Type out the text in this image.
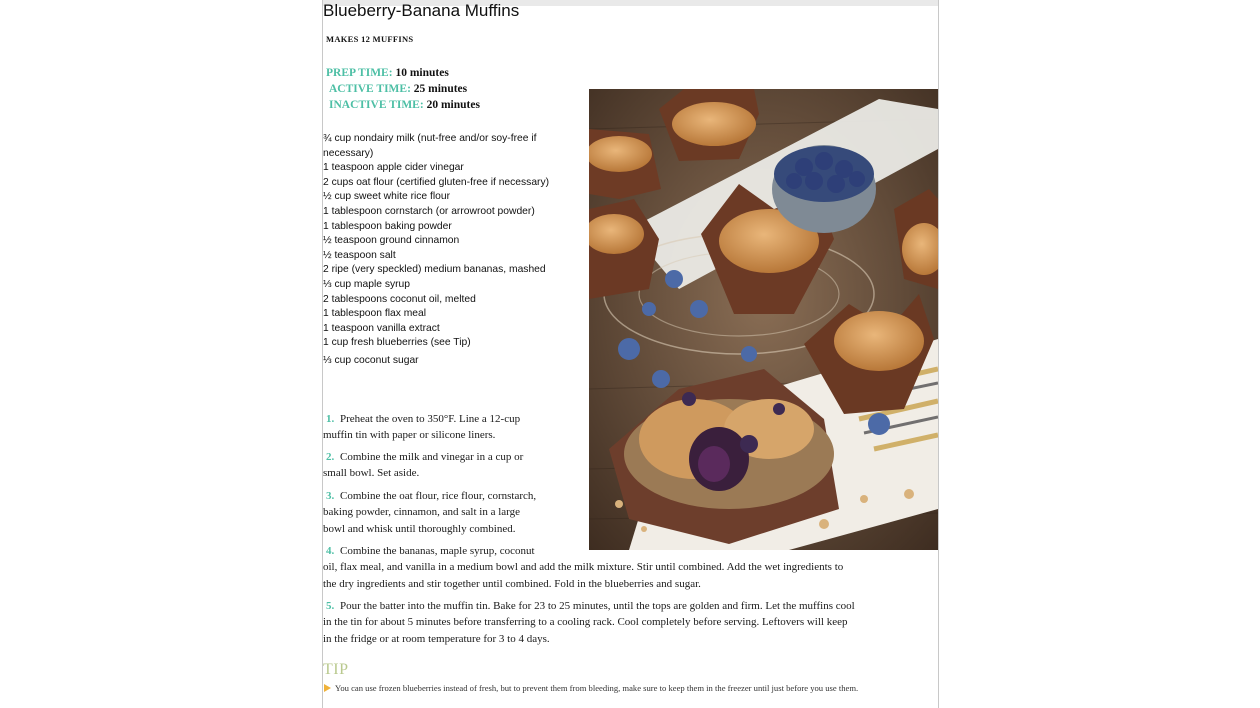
Blueberry-Banana Muffins
MAKES 12 MUFFINS
PREP TIME: 10 minutes
ACTIVE TIME: 25 minutes
INACTIVE TIME: 20 minutes
¾ cup nondairy milk (nut-free and/or soy-free if
necessary)
1 teaspoon apple cider vinegar
2 cups oat flour (certified gluten-free if necessary)
½ cup sweet white rice flour
1 tablespoon cornstarch (or arrowroot powder)
1 tablespoon baking powder
½ teaspoon ground cinnamon
½ teaspoon salt
2 ripe (very speckled) medium bananas, mashed
⅓ cup maple syrup
2 tablespoons coconut oil, melted
1 tablespoon flax meal
1 teaspoon vanilla extract
1 cup fresh blueberries (see Tip)
⅓ cup coconut sugar
1. Preheat the oven to 350°F. Line a 12-cup
muffin tin with paper or silicone liners.
2. Combine the milk and vinegar in a cup or
small bowl. Set aside.
3. Combine the oat flour, rice flour, cornstarch,
baking powder, cinnamon, and salt in a large
bowl and whisk until thoroughly combined.
4. Combine the bananas, maple syrup, coconut
oil, flax meal, and vanilla in a medium bowl and add the milk mixture. Stir until combined. Add the wet ingredients to
the dry ingredients and stir together until combined. Fold in the blueberries and sugar.
5. Pour the batter into the muffin tin. Bake for 23 to 25 minutes, until the tops are golden and firm. Let the muffins cool
in the tin for about 5 minutes before transferring to a cooling rack. Cool completely before serving. Leftovers will keep
in the fridge or at room temperature for 3 to 4 days.
TIP
You can use frozen blueberries instead of fresh, but to prevent them from bleeding, make sure to keep them in the freezer until just before you use them.
